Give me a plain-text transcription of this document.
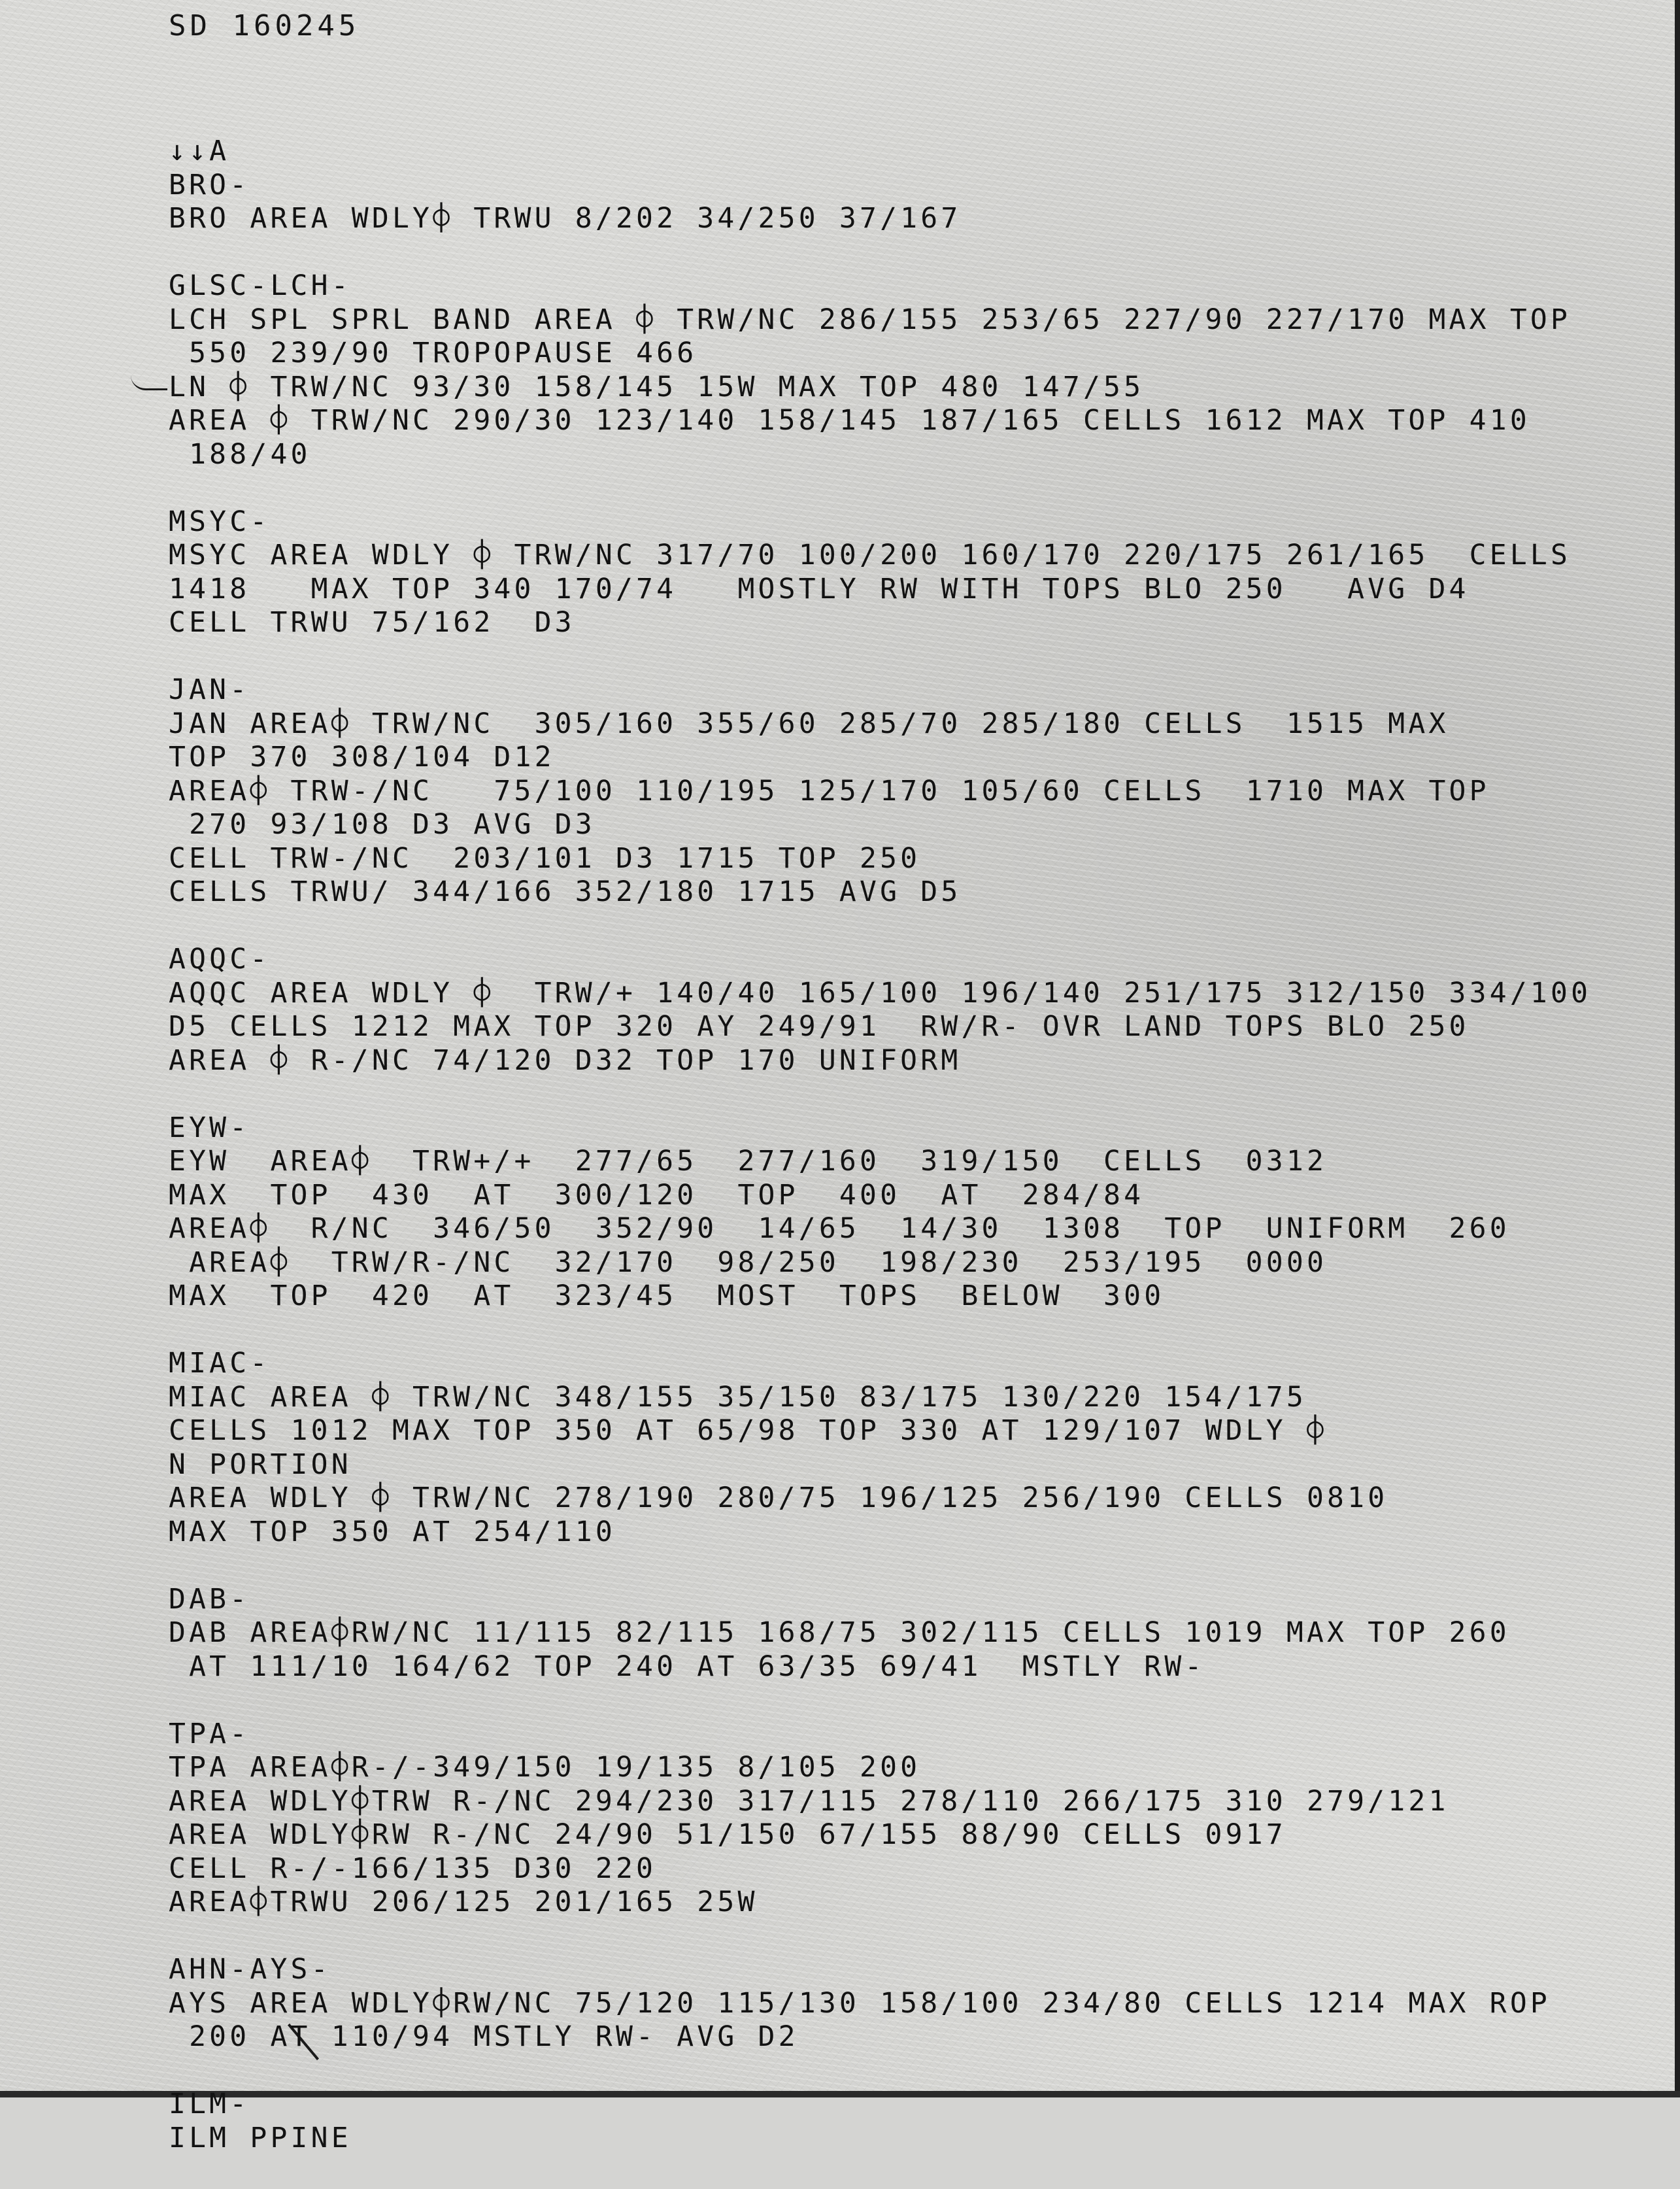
SD 160245
↓↓A
BRO-
BRO AREA WDLY⌽ TRWU 8/202 34/250 37/167
GLSC-LCH-
LCH SPL SPRL BAND AREA ⌽ TRW/NC 286/155 253/65 227/90 227/170 MAX TOP
550 239/90 TROPOPAUSE 466
LN ⌽ TRW/NC 93/30 158/145 15W MAX TOP 480 147/55
AREA ⌽ TRW/NC 290/30 123/140 158/145 187/165 CELLS 1612 MAX TOP 410
188/40
MSYC-
MSYC AREA WDLY ⌽ TRW/NC 317/70 100/200 160/170 220/175 261/165  CELLS
1418   MAX TOP 340 170/74   MOSTLY RW WITH TOPS BLO 250   AVG D4
CELL TRWU 75/162  D3
JAN-
JAN AREA⌽ TRW/NC  305/160 355/60 285/70 285/180 CELLS  1515 MAX
TOP 370 308/104 D12
AREA⌽ TRW-/NC   75/100 110/195 125/170 105/60 CELLS  1710 MAX TOP
270 93/108 D3 AVG D3
CELL TRW-/NC  203/101 D3 1715 TOP 250
CELLS TRWU/ 344/166 352/180 1715 AVG D5
AQQC-
AQQC AREA WDLY ⌽  TRW/+ 140/40 165/100 196/140 251/175 312/150 334/100
D5 CELLS 1212 MAX TOP 320 AY 249/91  RW/R- OVR LAND TOPS BLO 250
AREA ⌽ R-/NC 74/120 D32 TOP 170 UNIFORM
EYW-
EYW  AREA⌽  TRW+/+  277/65  277/160  319/150  CELLS  0312
MAX  TOP  430  AT  300/120  TOP  400  AT  284/84
AREA⌽  R/NC  346/50  352/90  14/65  14/30  1308  TOP  UNIFORM  260
AREA⌽  TRW/R-/NC  32/170  98/250  198/230  253/195  0000
MAX  TOP  420  AT  323/45  MOST  TOPS  BELOW  300
MIAC-
MIAC AREA ⌽ TRW/NC 348/155 35/150 83/175 130/220 154/175
CELLS 1012 MAX TOP 350 AT 65/98 TOP 330 AT 129/107 WDLY ⌽
N PORTION
AREA WDLY ⌽ TRW/NC 278/190 280/75 196/125 256/190 CELLS 0810
MAX TOP 350 AT 254/110
DAB-
DAB AREA⌽RW/NC 11/115 82/115 168/75 302/115 CELLS 1019 MAX TOP 260
AT 111/10 164/62 TOP 240 AT 63/35 69/41  MSTLY RW-
TPA-
TPA AREA⌽R-/-349/150 19/135 8/105 200
AREA WDLY⌽TRW R-/NC 294/230 317/115 278/110 266/175 310 279/121
AREA WDLY⌽RW R-/NC 24/90 51/150 67/155 88/90 CELLS 0917
CELL R-/-166/135 D30 220
AREA⌽TRWU 206/125 201/165 25W
AHN-AYS-
AYS AREA WDLY⌽RW/NC 75/120 115/130 158/100 234/80 CELLS 1214 MAX ROP
200 AT 110/94 MSTLY RW- AVG D2
ILM-
ILM PPINE
